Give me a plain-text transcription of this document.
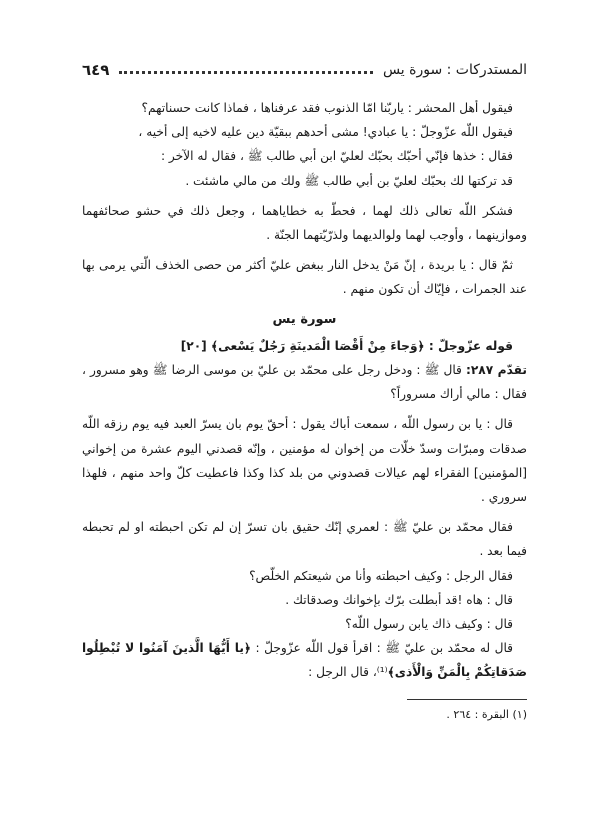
المستدركات : سورة يس
٦٤٩

فيقول أهل المحشر : ياربّنا امّا الذنوب فقد عرفناها ، فماذا كانت حسناتهم؟

فيقول اللّه عزّوجلّ : يا عبادي! مشى أحدهم ببقيّة دين عليه لاخيه إلى أخيه ،

فقال : خذها فإنّي أحبّك بحبّك لعليّ ابن أبي طالب ﷺ ، فقال له الآخر :

قد تركتها لك بحبّك لعليّ بن أبي طالب ﷺ ولك من مالي ماشئت .

فشكر اللّه تعالى ذلك لهما ، فحطّ به خطاياهما ، وجعل ذلك في حشو صحائفهما وموازينهما ، وأوجب لهما ولوالديهما ولذرّيّتهما الجنّة .

ثمّ قال : يا بريدة ، إنّ مَنْ يدخل النار ببغض عليّ أكثر من حصى الخذف الّتي يرمى بها عند الجمرات ، فإيّاك أن تكون منهم .

سورة يس

قوله عزّوجلّ : ﴿وَجاءَ مِنْ أَقْصَا الْمَدينَةِ رَجُلٌ يَسْعى﴾ [٢٠]

تقدّم ٢٨٧: قال ﷺ : ودخل رجل على محمّد بن عليّ بن موسى الرضا ﷺ وهو مسرور ، فقال : مالي أراك مسروراً؟

قال : يا بن رسول اللّه ، سمعت أباك يقول : أحقّ يوم بان يسرّ العبد فيه يوم رزقه اللّه صدقات ومبرّات وسدّ خلّات من إخوان له مؤمنين ، وإنّه قصدني اليوم عشرة من إخواني [المؤمنين] الفقراء لهم عيالات قصدوني من بلد كذا وكذا فاعطيت كلّ واحد منهم ، فلهذا سروري .

فقال محمّد بن عليّ ﷺ : لعمري إنّك حقيق بان تسرّ إن لم تكن احبطته او لم تحبطه فيما بعد .

فقال الرجل : وكيف احبطته وأنا من شيعتكم الخلّص؟

قال : هاه !قد أبطلت برّك بإخوانك وصدقاتك .

قال : وكيف ذاك يابن رسول اللّه؟

قال له محمّد بن عليّ ﷺ : اقرأ قول اللّه عزّوجلّ : ﴿يا أَيُّهَا الَّذينَ آمَنُوا لا تُبْطِلُوا صَدَقاتِكُمْ بِالْمَنِّ وَالْأَذى﴾⁽¹⁾، قال الرجل :

(١) البقرة : ٢٦٤ .
